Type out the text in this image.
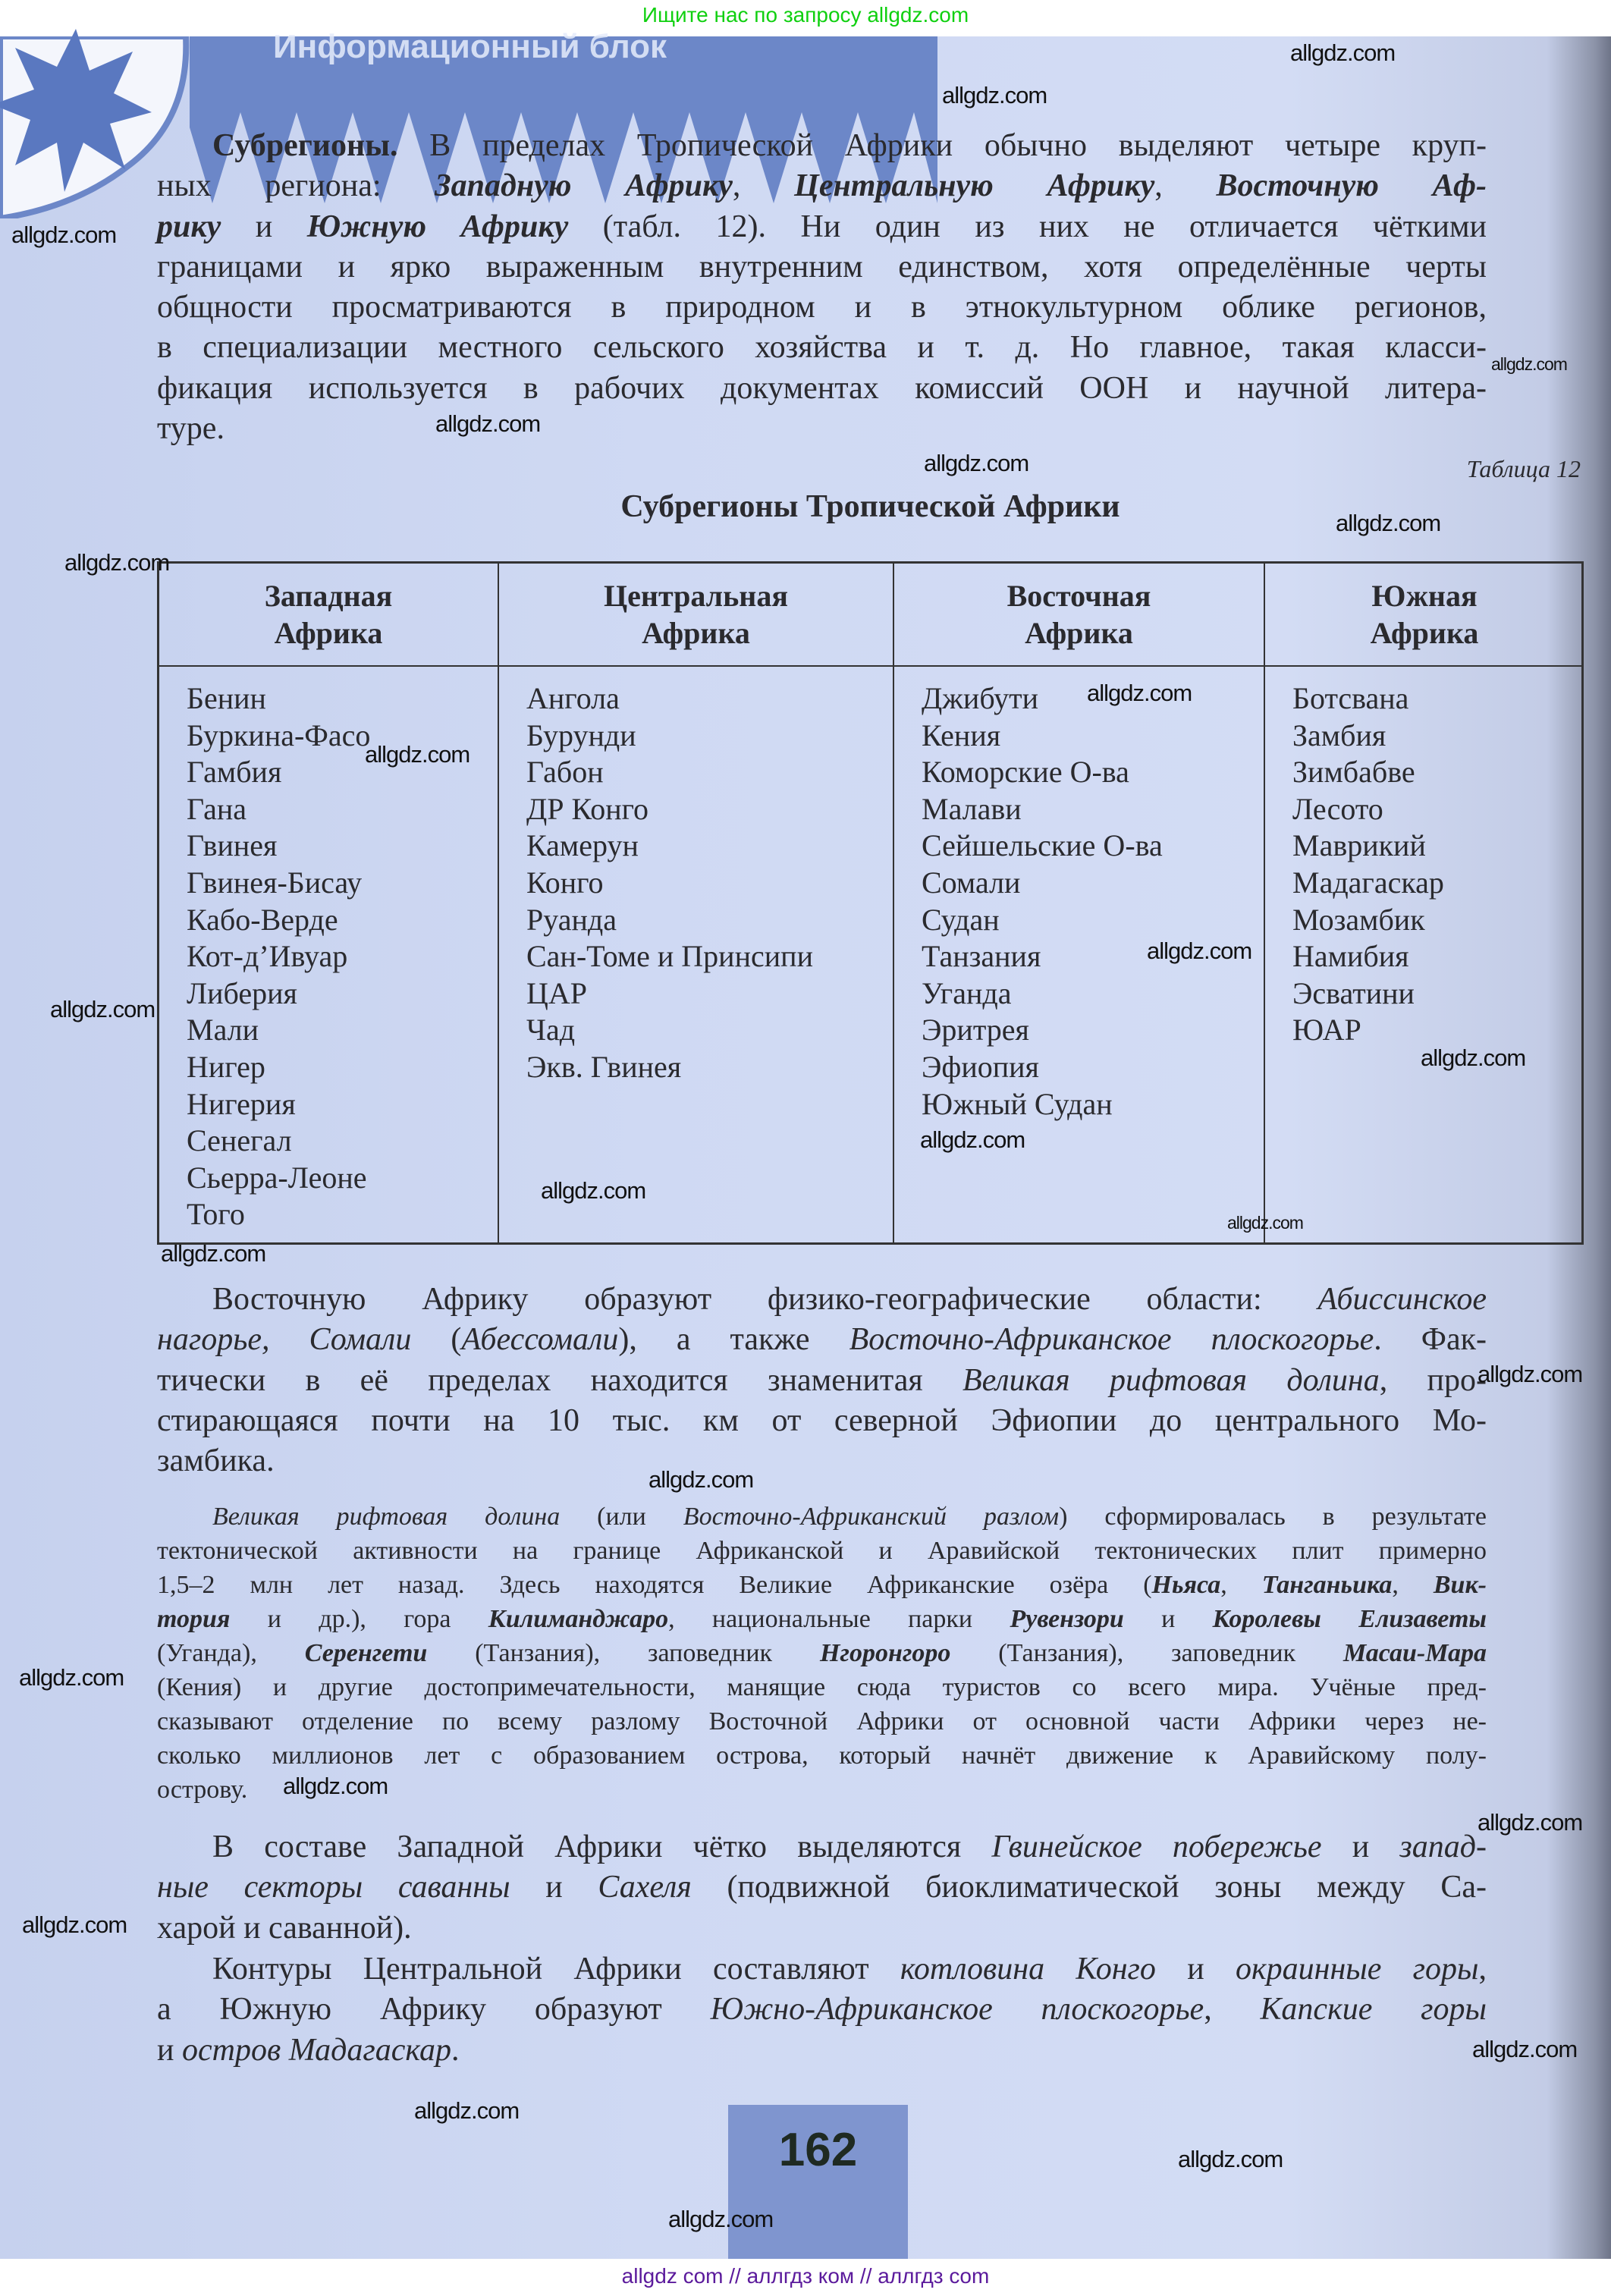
Ищите нас по запросу allgdz.com
Информационный блок
Субрегионы. В пределах Тропической Африки обычно выделяют четыре круп-
ных региона: Западную Африку, Центральную Африку, Восточную Аф-
рику и Южную Африку (табл. 12). Ни один из них не отличается чёткими
границами и ярко выраженным внутренним единством, хотя определённые черты
общности просматриваются в природном и в этнокультурном облике регионов,
в специализации местного сельского хозяйства и т. д. Но главное, такая класси-
фикация используется в рабочих документах комиссий ООН и научной литера-
туре.
Таблица 12
Субрегионы Тропической Африки
Западная
Африка
Бенин
Буркина-Фасо
Гамбия
Гана
Гвинея
Гвинея-Бисау
Кабо-Верде
Кот-д’Ивуар
Либерия
Мали
Нигер
Нигерия
Сенегал
Сьерра-Леоне
Того
Центральная
Африка
Ангола
Бурунди
Габон
ДР Конго
Камерун
Конго
Руанда
Сан-Томе и Принсипи
ЦАР
Чад
Экв. Гвинея
Восточная
Африка
Джибути
Кения
Коморские О-ва
Малави
Сейшельские О-ва
Сомали
Судан
Танзания
Уганда
Эритрея
Эфиопия
Южный Судан
Южная
Африка
Ботсвана
Замбия
Зимбабве
Лесото
Маврикий
Мадагаскар
Мозамбик
Намибия
Эсватини
ЮАР
Восточную Африку образуют физико-географические области: Абиссинское
нагорье, Сомали (Абессомали), а также Восточно-Африканское плоскогорье. Фак-
тически в её пределах находится знаменитая Великая рифтовая долина, про-
стирающаяся почти на 10 тыс. км от северной Эфиопии до центрального Мо-
замбика.
Великая рифтовая долина (или Восточно-Африканский разлом) сформировалась в результате
тектонической активности на границе Африканской и Аравийской тектонических плит примерно
1,5–2 млн лет назад. Здесь находятся Великие Африканские озёра (Ньяса, Танганьика, Вик-
тория и др.), гора Килиманджаро, национальные парки Рувензори и Королевы Елизаветы
(Уганда), Серенгети (Танзания), заповедник Нгоронгоро (Танзания), заповедник Масаи-Мара
(Кения) и другие достопримечательности, манящие сюда туристов со всего мира. Учёные пред-
сказывают отделение по всему разлому Восточной Африки от основной части Африки через не-
сколько миллионов лет с образованием острова, который начнёт движение к Аравийскому полу-
острову.
В составе Западной Африки чётко выделяются Гвинейское побережье и запад-
ные секторы саванны и Сахеля (подвижной биоклиматической зоны между Са-
харой и саванной).
Контуры Центральной Африки составляют котловина Конго и окраинные горы,
а Южную Африку образуют Южно-Африканское плоскогорье, Капские горы
и остров Мадагаскар.
162
allgdz.com
allgdz.com
allgdz.com
allgdz.com
allgdz.com
allgdz.com
allgdz.com
allgdz.com
allgdz.com
allgdz.com
allgdz.com
allgdz.com
allgdz.com
allgdz.com
allgdz.com
allgdz.com
allgdz.com
allgdz.com
allgdz.com
allgdz.com
allgdz.com
allgdz.com
allgdz.com
allgdz.com
allgdz.com
allgdz.com
allgdz.com
allgdz com // аллгдз ком // аллгдз com
